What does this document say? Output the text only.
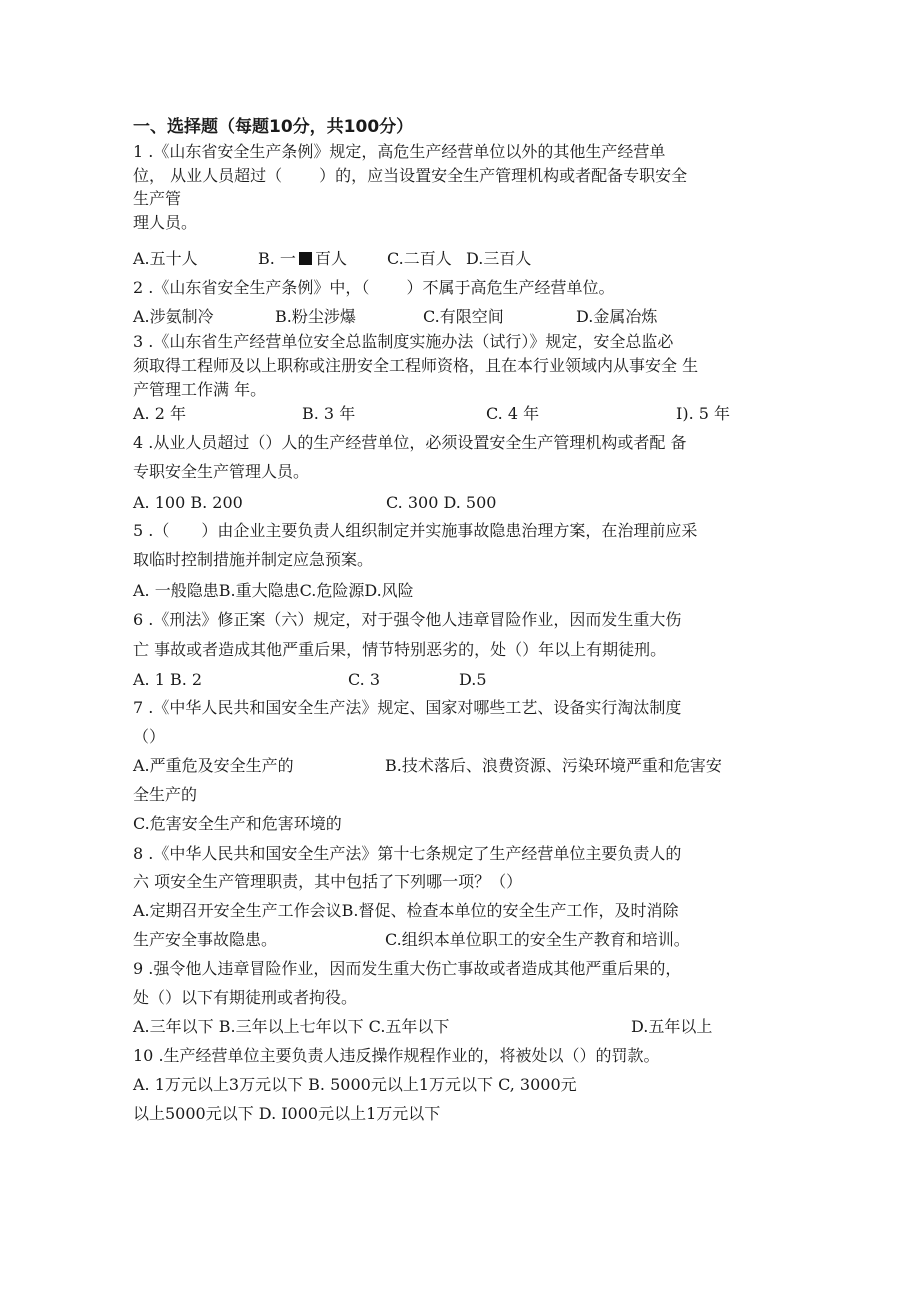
一、选择题（每题10分，共100分）
1 .《山东省安全生产条例》规定，高危生产经营单位以外的其他生产经营单
位， 从业人员超过（　　 ）的，应当设置安全生产管理机构或者配备专职安全
生产管
理人员。
A.五十人	B. 一 百人	C.二百人 D.三百人
2 .《山东省安全生产条例》中，（　　 ）不属于高危生产经营单位。
A.涉氨制冷	B.粉尘涉爆	C.有限空间	D.金属冶炼
3 .《山东省生产经营单位安全总监制度实施办法（试行）》规定，安全总监必
须取得工程师及以上职称或注册安全工程师资格，且在本行业领域内从事安全 生
产管理工作满 年。
A. 2 年	B. 3 年	C. 4 年	I). 5 年
4 .从业人员超过（）人的生产经营单位，必须设置安全生产管理机构或者配 备
专职安全生产管理人员。
A. 100 B. 200	C. 300 D. 500
5 .（　　）由企业主要负责人组织制定并实施事故隐患治理方案，在治理前应采
取临时控制措施并制定应急预案。
A. 一般隐患B.重大隐患C.危险源D.风险
6 .《刑法》修正案（六）规定，对于强令他人违章冒险作业，因而发生重大伤
亡 事故或者造成其他严重后果，情节特别恶劣的，处（）年以上有期徒刑。
A. 1 B. 2	C. 3	D.5
7 .《中华人民共和国安全生产法》规定、国家对哪些工艺、设备实行淘汰制度
（）
A.严重危及安全生产的	B.技术落后、浪费资源、污染环境严重和危害安
全生产的
C.危害安全生产和危害环境的
8 .《中华人民共和国安全生产法》第十七条规定了生产经营单位主要负责人的
六 项安全生产管理职责，其中包括了下列哪一项？（）
A.定期召开安全生产工作会议B.督促、检查本单位的安全生产工作，及时消除
生产安全事故隐患。	C.组织本单位职工的安全生产教育和培训。
9 .强令他人违章冒险作业，因而发生重大伤亡事故或者造成其他严重后果的，
处（）以下有期徒刑或者拘役。
A.三年以下 B.三年以上七年以下 C.五年以下	D.五年以上
10 .生产经营单位主要负责人违反操作规程作业的，将被处以（）的罚款。
A. 1万元以上3万元以下 B. 5000元以上1万元以下 C, 3000元
以上5000元以下 D. I000元以上1万元以下
